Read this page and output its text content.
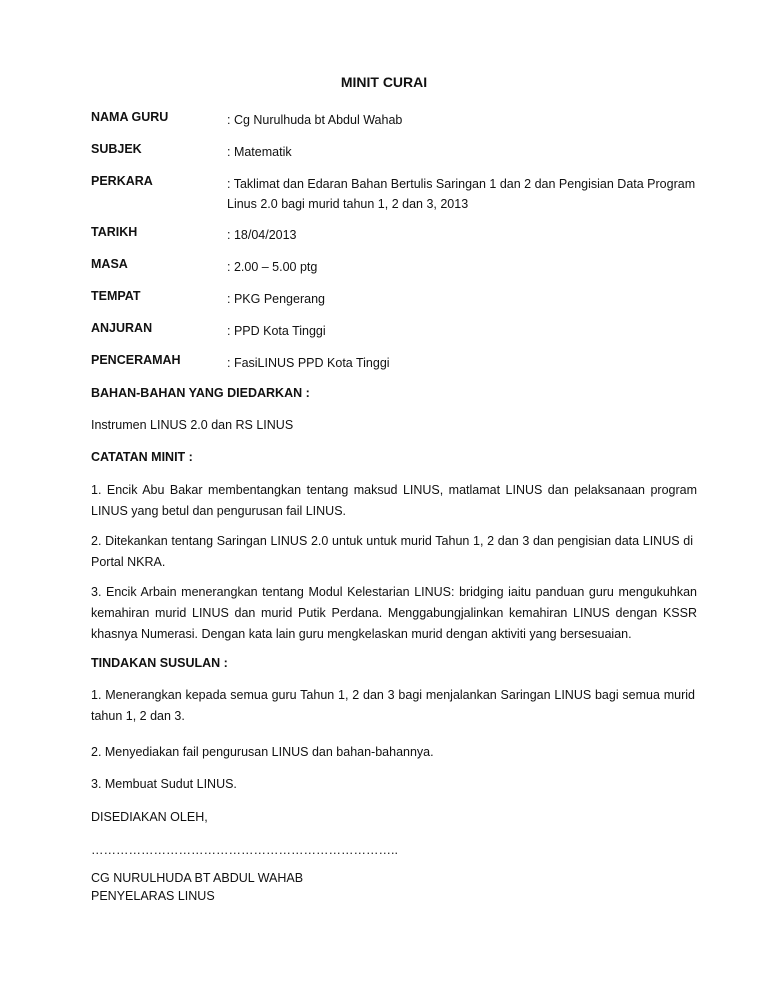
MINIT CURAI
NAMA GURU	: Cg Nurulhuda bt Abdul Wahab
SUBJEK	: Matematik
PERKARA	: Taklimat dan Edaran Bahan Bertulis Saringan 1 dan 2 dan Pengisian Data Program Linus 2.0 bagi murid tahun 1, 2 dan 3, 2013
TARIKH	: 18/04/2013
MASA	: 2.00 – 5.00 ptg
TEMPAT	: PKG Pengerang
ANJURAN	: PPD Kota Tinggi
PENCERAMAH	: FasiLINUS PPD Kota Tinggi
BAHAN-BAHAN YANG DIEDARKAN :
Instrumen LINUS 2.0 dan RS LINUS
CATATAN MINIT :
1. Encik Abu Bakar membentangkan tentang maksud LINUS, matlamat LINUS dan pelaksanaan program LINUS yang betul dan pengurusan fail LINUS.
2. Ditekankan tentang Saringan LINUS 2.0 untuk untuk murid Tahun 1, 2 dan 3 dan pengisian data LINUS di Portal NKRA.
3. Encik Arbain menerangkan tentang Modul Kelestarian LINUS: bridging iaitu panduan guru mengukuhkan kemahiran murid LINUS dan murid Putik Perdana. Menggabungjalinkan kemahiran LINUS dengan KSSR khasnya Numerasi. Dengan kata lain guru mengkelaskan murid dengan aktiviti yang bersesuaian.
TINDAKAN SUSULAN :
1. Menerangkan kepada semua guru Tahun 1, 2 dan 3 bagi menjalankan Saringan LINUS bagi semua murid tahun 1, 2 dan 3.
2. Menyediakan fail pengurusan LINUS dan bahan-bahannya.
3. Membuat Sudut LINUS.
DISEDIAKAN OLEH,
………………………………………………………………..
CG NURULHUDA BT ABDUL WAHAB
PENYELARAS LINUS
